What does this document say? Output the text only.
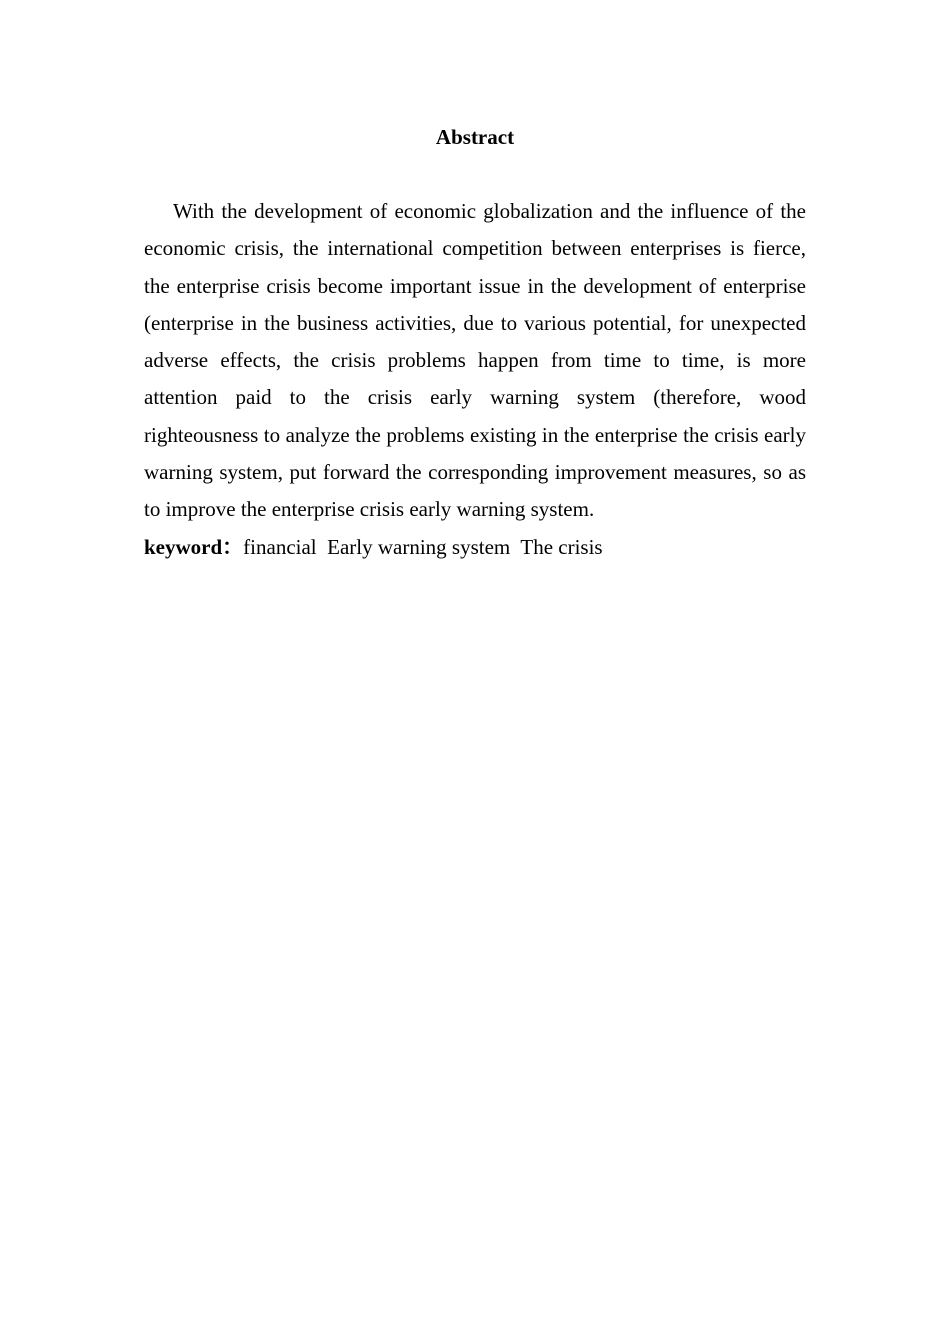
Abstract

With the development of economic globalization and the influence of the economic crisis, the international competition between enterprises is fierce, the enterprise crisis become important issue in the development of enterprise (enterprise in the business activities, due to various potential, for unexpected adverse effects, the crisis problems happen from time to time, is more attention paid to the crisis early warning system (therefore, wood righteousness to analyze the problems existing in the enterprise the crisis early warning system, put forward the corresponding improvement measures, so as to improve the enterprise crisis early warning system.

keyword：financial  Early warning system  The crisis
